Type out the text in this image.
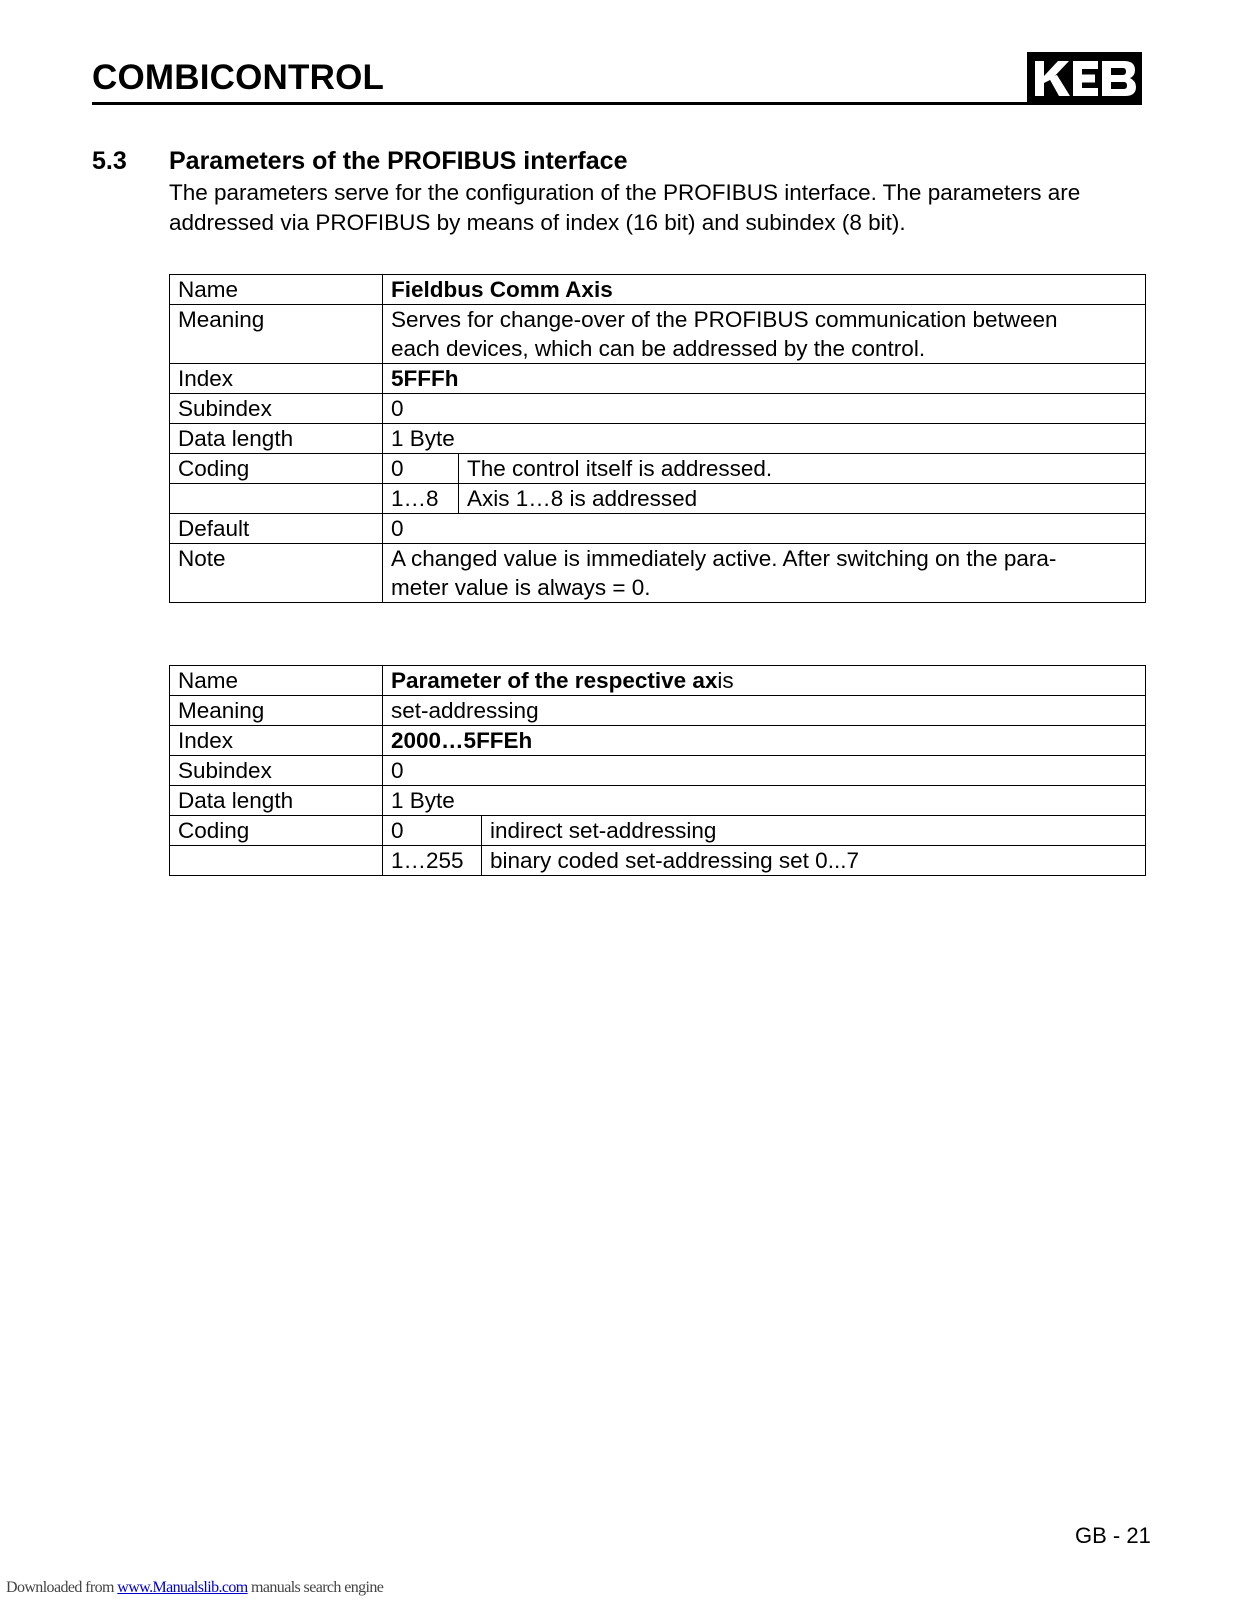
COMBICONTROL
5.3 Parameters of the PROFIBUS interface
The parameters serve for the configuration of the PROFIBUS interface. The parameters are
addressed via PROFIBUS by means of index (16 bit) and subindex (8 bit).
Name	Fieldbus Comm Axis	
Meaning	Serves for change-over of the PROFIBUS communication between
each devices, which can be addressed by the control.	

Index	5FFFh	
Subindex	0	
Data length	1 Byte	
Coding	0	The control itself is addressed.
	1…8	Axis 1…8 is addressed
Default	0	
Note	A changed value is immediately active. After switching on the para-
meter value is always = 0.	
Name	Parameter of the respective axis	
Meaning	set-addressing	
Index	2000…5FFEh	
Subindex	0	
Data length	1 Byte	
Coding	0	indirect set-addressing
	1…255	binary coded set-addressing set 0...7
GB - 21
Downloaded from www.Manualslib.com manuals search engine
